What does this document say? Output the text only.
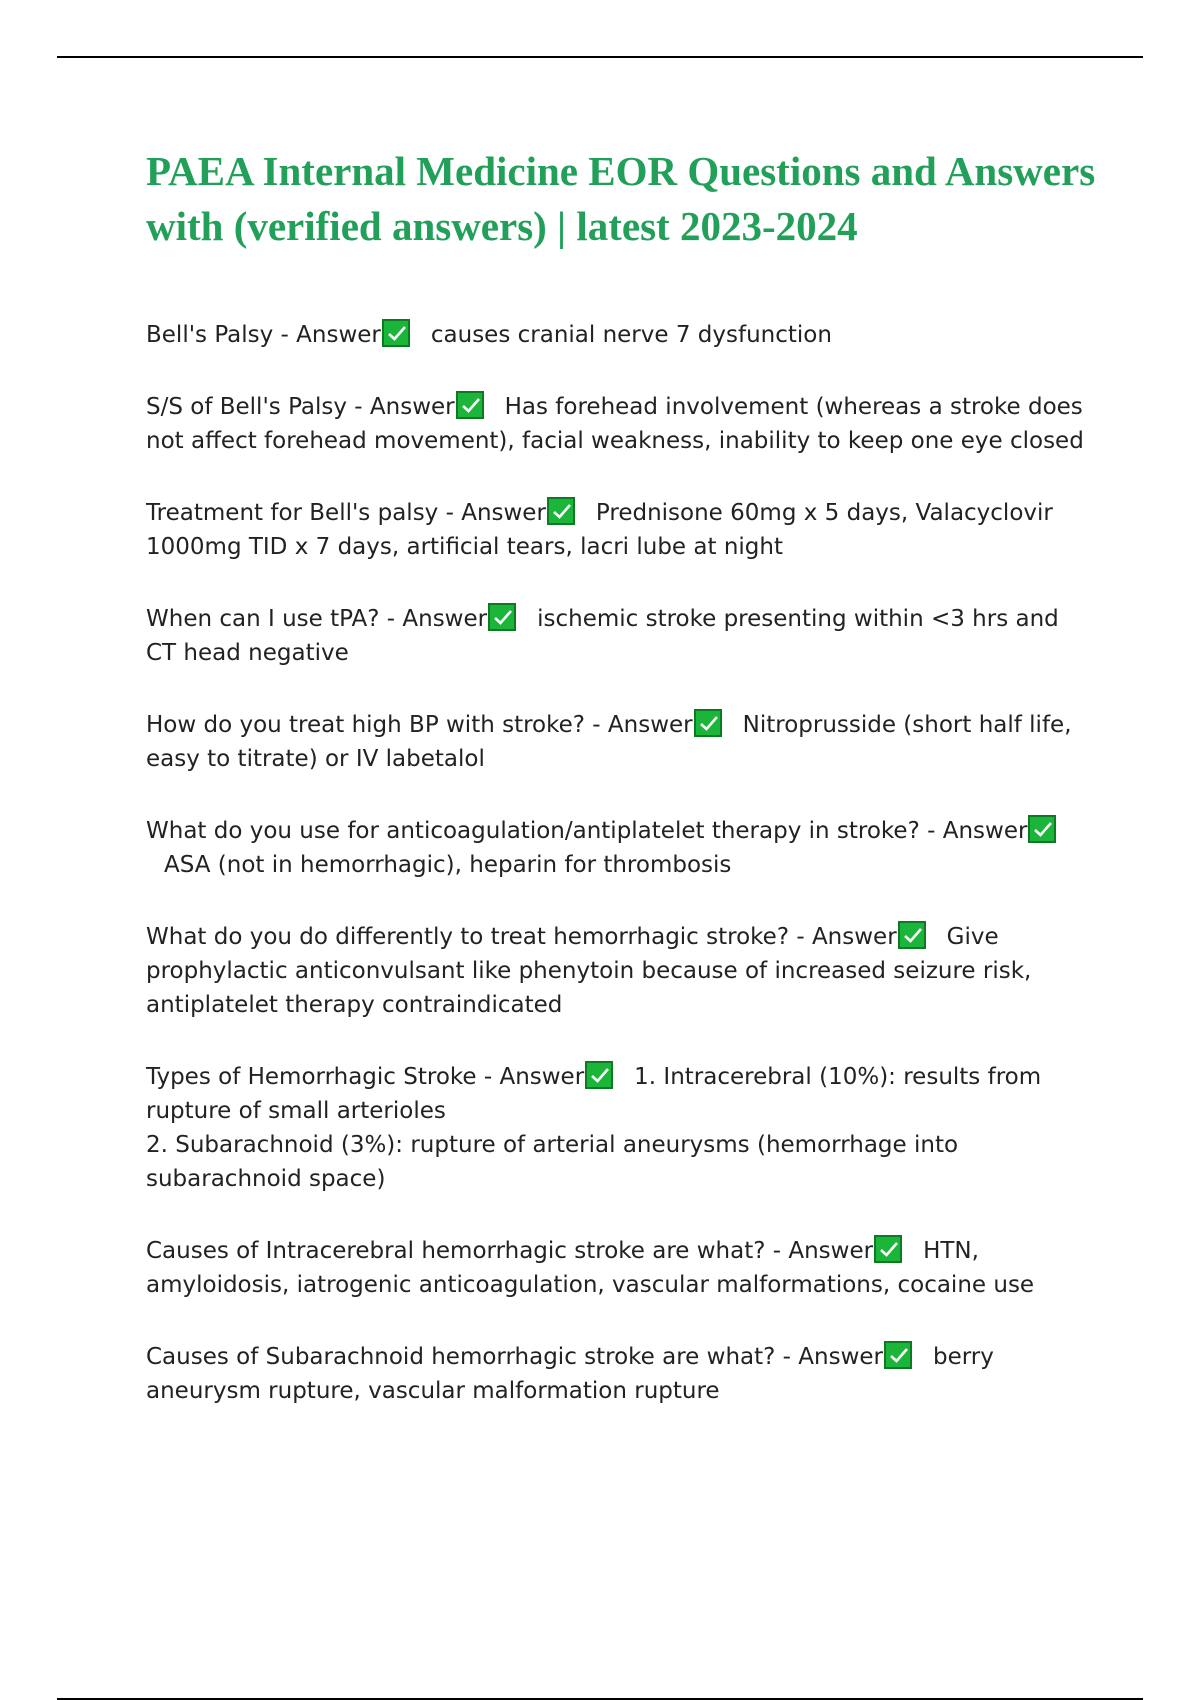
PAEA Internal Medicine EOR Questions and Answers with (verified answers) | latest 2023-2024

Bell's Palsy - Answer causes cranial nerve 7 dysfunction

S/S of Bell's Palsy - Answer Has forehead involvement (whereas a stroke does not affect forehead movement), facial weakness, inability to keep one eye closed

Treatment for Bell's palsy - Answer Prednisone 60mg x 5 days, Valacyclovir 1000mg TID x 7 days, artificial tears, lacri lube at night

When can I use tPA? - Answer ischemic stroke presenting within <3 hrs and CT head negative

How do you treat high BP with stroke? - Answer Nitroprusside (short half life, easy to titrate) or IV labetalol

What do you use for anticoagulation/antiplatelet therapy in stroke? - Answer
ASA (not in hemorrhagic), heparin for thrombosis

What do you do differently to treat hemorrhagic stroke? - Answer Give prophylactic anticonvulsant like phenytoin because of increased seizure risk, antiplatelet therapy contraindicated

Types of Hemorrhagic Stroke - Answer 1. Intracerebral (10%): results from rupture of small arterioles
2. Subarachnoid (3%): rupture of arterial aneurysms (hemorrhage into subarachnoid space)

Causes of Intracerebral hemorrhagic stroke are what? - Answer HTN, amyloidosis, iatrogenic anticoagulation, vascular malformations, cocaine use

Causes of Subarachnoid hemorrhagic stroke are what? - Answer berry aneurysm rupture, vascular malformation rupture
